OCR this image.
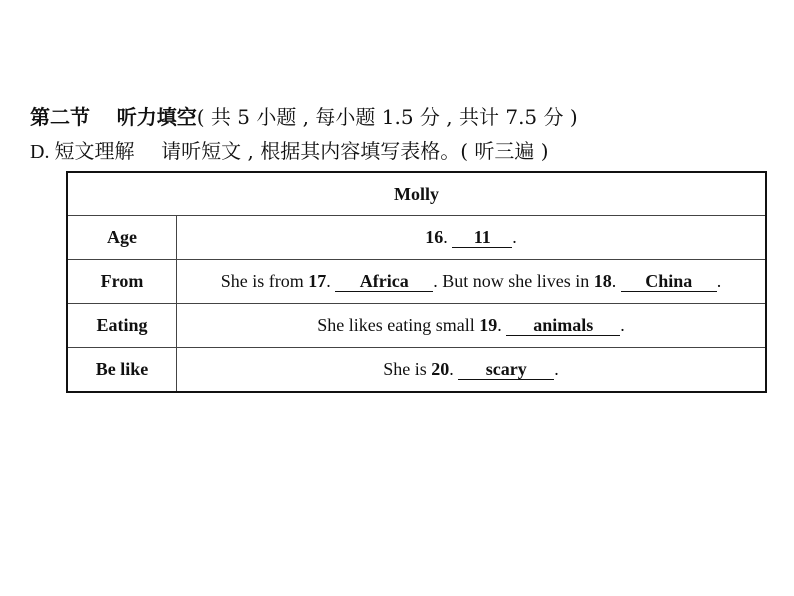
第二节 听力填空( 共 5 小题 , 每小题 1.5 分 , 共计 7.5 分 )
D. 短文理解 请听短文 , 根据其内容填写表格。( 听三遍 )
Molly	
Age	16. 11 .
From	She is from 17. Africa . But now she lives in 18. China .
Eating	She likes eating small 19. animals .
Be like	She is 20. scary .
